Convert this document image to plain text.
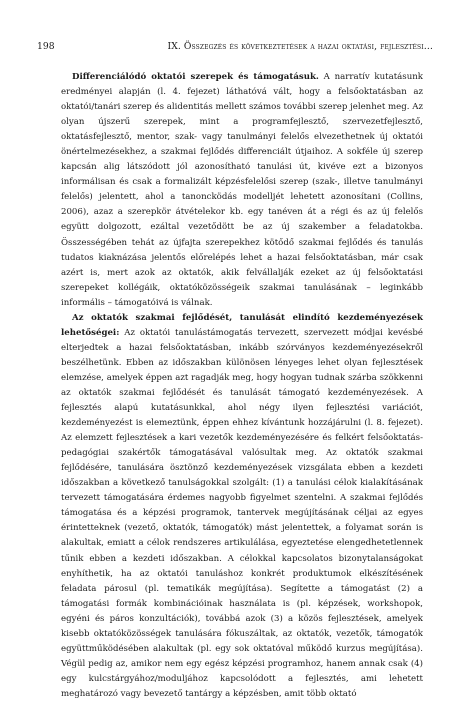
198	IX. Összegzés és következtetések a hazai oktatási, fejlesztési…

Differenciálódó oktatói szerepek és támogatásuk. A narratív kutatásunk eredményei alapján (l. 4. fejezet) láthatóvá vált, hogy a felsőoktatásban az oktatói/tanári szerep és alidentitás mellett számos további szerep jelenhet meg. Az olyan újszerű szerepek, mint a programfejlesztő, szervezetfejlesztő, oktatásfejlesztő, mentor, szak- vagy tanulmányi felelős elvezethetnek új oktatói önértelmezésekhez, a szakmai fejlődés differenciált útjaihoz. A sokféle új szerep kapcsán alig látszódott jól azonosítható tanulási út, kivéve ezt a bizonyos informálisan és csak a formalizált képzésfelelősi szerep (szak-, illetve tanulmányi felelős) jelentett, ahol a tanoncködás modelljét lehetett azonosítani (Collins, 2006), azaz a szerepkör átvételekor kb. egy tanéven át a régi és az új felelős együtt dolgozott, ezáltal vezetődött be az új szakember a feladatokba. Összességében tehát az újfajta szerepekhez kötődő szakmai fejlődés és tanulás tudatos kiaknázása jelentős előrelépés lehet a hazai felsőoktatásban, már csak azért is, mert azok az oktatók, akik felvállalják ezeket az új felsőoktatási szerepeket kollégáik, oktatóközösségeik szakmai tanulásának – leginkább informális – támogatóivá is válnak.

Az oktatók szakmai fejlődését, tanulását elindító kezdeményezések lehetőségei: Az oktatói tanulástámogatás tervezett, szervezett módjai kevésbé elterjedtek a hazai felsőoktatásban, inkább szórványos kezdeményezésekről beszélhetünk. Ebben az időszakban különösen lényeges lehet olyan fejlesztések elemzése, amelyek éppen azt ragadják meg, hogy hogyan tudnak szárba szökkenni az oktatók szakmai fejlődését és tanulását támogató kezdeményezések. A fejlesztés alapú kutatásunkkal, ahol négy ilyen fejlesztési variációt, kezdeményezést is elemeztünk, éppen ehhez kívántunk hozzájárulni (l. 8. fejezet). Az elemzett fejlesztések a kari vezetők kezdeményezésére és felkért felsőoktatás-pedagógiai szakértők támogatásával valósultak meg. Az oktatók szakmai fejlődésére, tanulására ösztönző kezdeményezések vizsgálata ebben a kezdeti időszakban a következő tanulságokkal szolgált: (1) a tanulási célok kialakításának tervezett támogatására érdemes nagyobb figyelmet szentelni. A szakmai fejlődés támogatása és a képzési programok, tantervek megújításának céljai az egyes érintetteknek (vezető, oktatók, támogatók) mást jelentettek, a folyamat során is alakultak, emiatt a célok rendszeres artikulálása, egyeztetése elengedhetetlennek tűnik ebben a kezdeti időszakban. A célokkal kapcsolatos bizonytalanságokat enyhíthetik, ha az oktatói tanuláshoz konkrét produktumok elkészítésének feladata párosul (pl. tematikák megújítása). Segítette a támogatást (2) a támogatási formák kombinációinak használata is (pl. képzések, workshopok, egyéni és páros konzultációk), továbbá azok (3) a közös fejlesztések, amelyek kisebb oktatóközösségek tanulására fókuszáltak, az oktatók, vezetők, támogatók együttműködésében alakultak (pl. egy sok oktatóval működő kurzus megújítása). Végül pedig az, amikor nem egy egész képzési programhoz, hanem annak csak (4) egy kulcstárgyához/moduljához kapcsolódott a fejlesztés, ami lehetett meghatározó vagy bevezető tantárgy a képzésben, amit több oktató
